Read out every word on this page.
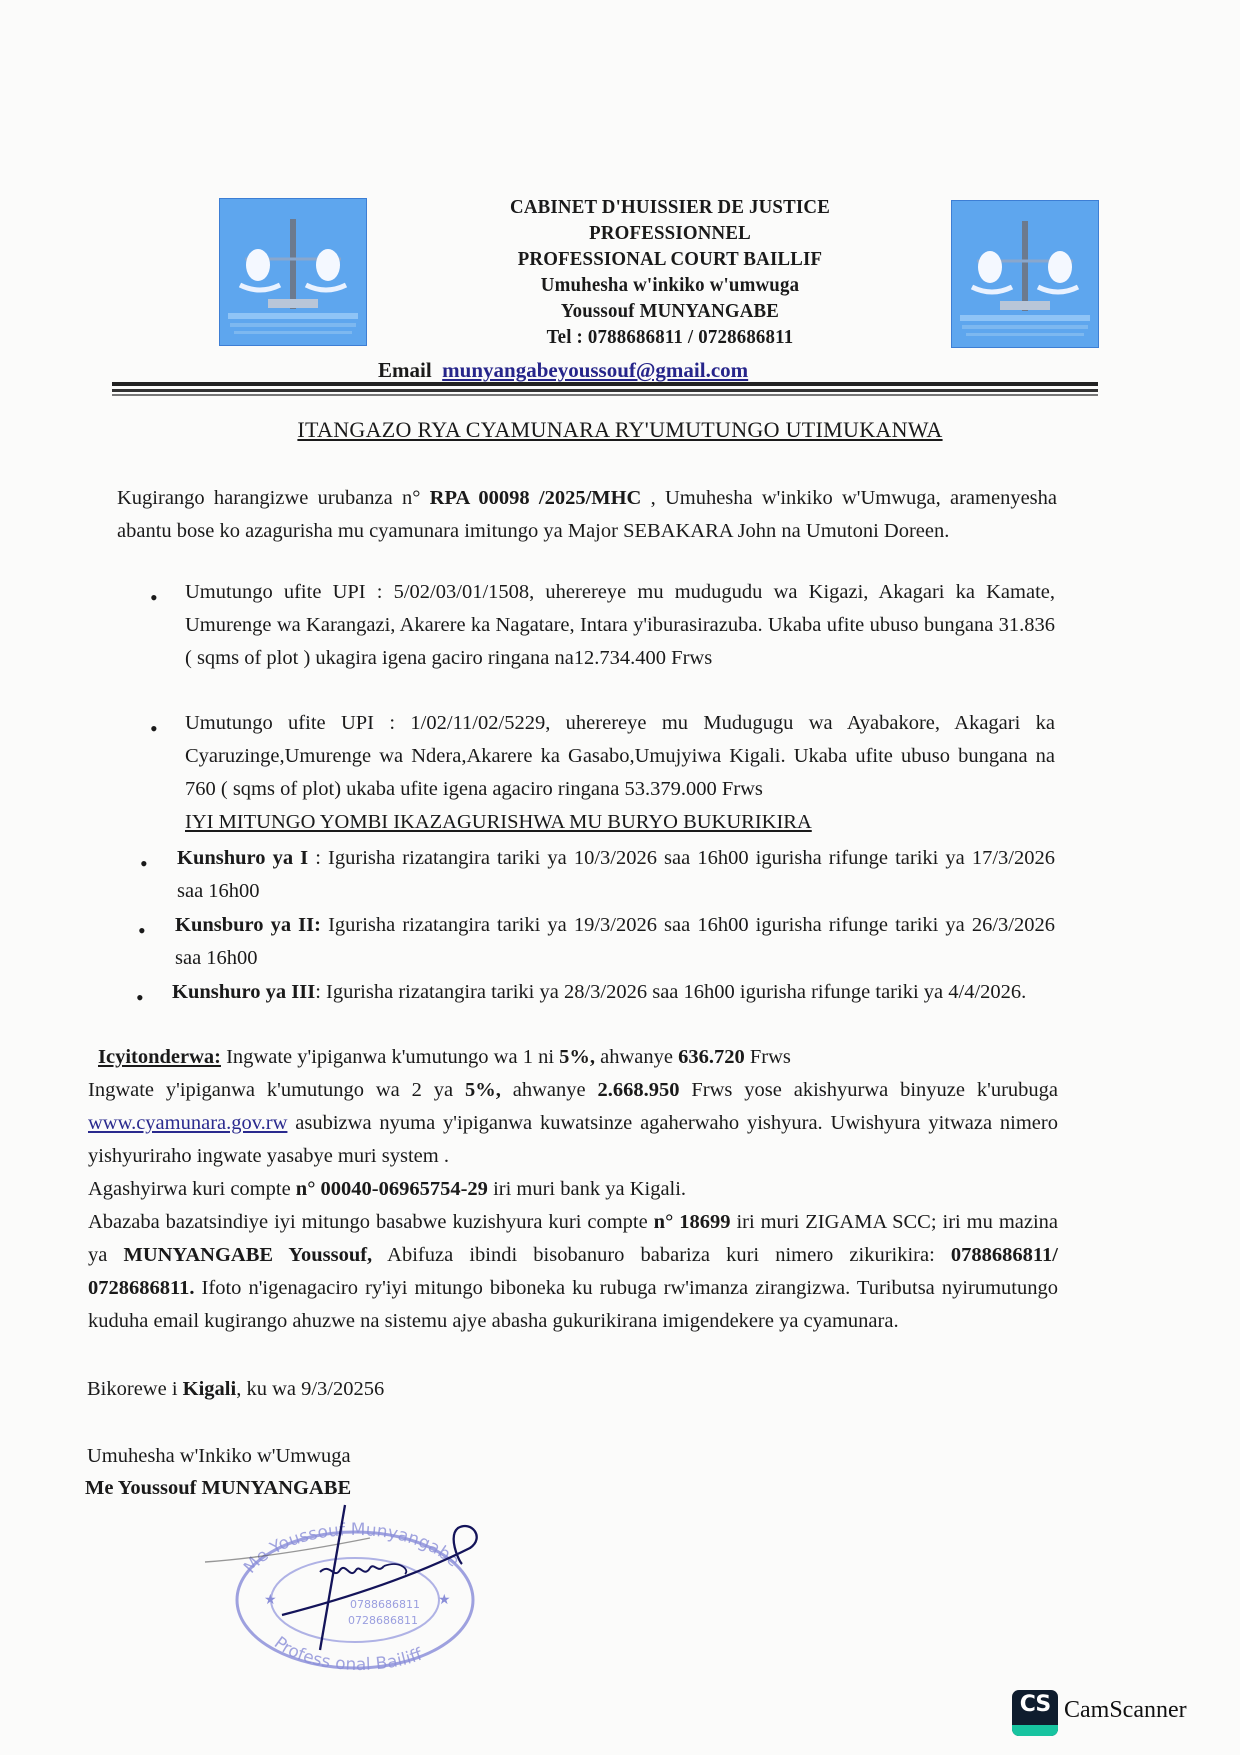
CABINET D'HUISSIER DE JUSTICE
PROFESSIONNEL
PROFESSIONAL COURT BAILLIF
Umuhesha w'inkiko w'umwuga
Youssouf MUNYANGABE
Tel : 0788686811 / 0728686811
Email munyangabeyoussouf@gmail.com
ITANGAZO RYA CYAMUNARA RY'UMUTUNGO UTIMUKANWA
Kugirango harangizwe urubanza n° RPA 00098 /2025/MHC , Umuhesha w'inkiko w'Umwuga, aramenyesha abantu bose ko azagurisha mu cyamunara imitungo ya Major SEBAKARA John na Umutoni Doreen.
• Umutungo ufite UPI : 5/02/03/01/1508, uherereye mu mudugudu wa Kigazi, Akagari ka Kamate, Umurenge wa Karangazi, Akarere ka Nagatare, Intara y'iburasirazuba. Ukaba ufite ubuso bungana 31.836 ( sqms of plot ) ukagira igena gaciro ringana na12.734.400 Frws
• Umutungo ufite UPI : 1/02/11/02/5229, uherereye mu Mudugugu wa Ayabakore, Akagari ka Cyaruzinge,Umurenge wa Ndera,Akarere ka Gasabo,Umujyiwa Kigali. Ukaba ufite ubuso bungana na 760 ( sqms of plot) ukaba ufite igena agaciro ringana 53.379.000 Frws
IYI MITUNGO YOMBI IKAZAGURISHWA MU BURYO BUKURIKIRA
• Kunshuro ya I : Igurisha rizatangira tariki ya 10/3/2026 saa 16h00 igurisha rifunge tariki ya 17/3/2026 saa 16h00
• Kunsburo ya II: Igurisha rizatangira tariki ya 19/3/2026 saa 16h00 igurisha rifunge tariki ya 26/3/2026 saa 16h00
• Kunshuro ya III: Igurisha rizatangira tariki ya 28/3/2026 saa 16h00 igurisha rifunge tariki ya 4/4/2026.
Icyitonderwa: Ingwate y'ipiganwa k'umutungo wa 1 ni 5%, ahwanye 636.720 Frws
Ingwate y'ipiganwa k'umutungo wa 2 ya 5%, ahwanye 2.668.950 Frws yose akishyurwa binyuze k'urubuga www.cyamunara.gov.rw asubizwa nyuma y'ipiganwa kuwatsinze agaherwaho yishyura. Uwishyura yitwaza nimero yishyuriraho ingwate yasabye muri system .
Agashyirwa kuri compte n° 00040-06965754-29 iri muri bank ya Kigali.
Abazaba bazatsindiye iyi mitungo basabwe kuzishyura kuri compte n° 18699 iri muri ZIGAMA SCC; iri mu mazina ya MUNYANGABE Youssouf, Abifuza ibindi bisobanuro babariza kuri nimero zikurikira: 0788686811/ 0728686811. Ifoto n'igenagaciro ry'iyi mitungo biboneka ku rubuga rw'imanza zirangizwa. Tuributsa nyirumutungo kuduha email kugirango ahuzwe na sistemu ajye abasha gukurikirana imigendekere ya cyamunara.
Bikorewe i Kigali, ku wa 9/3/20256
Umuhesha w'Inkiko w'Umwuga
Me Youssouf MUNYANGABE
Me Youssouf Munyangabe
Profess onal Bailiff
0788686811
0728686811
★	★
CS CamScanner
